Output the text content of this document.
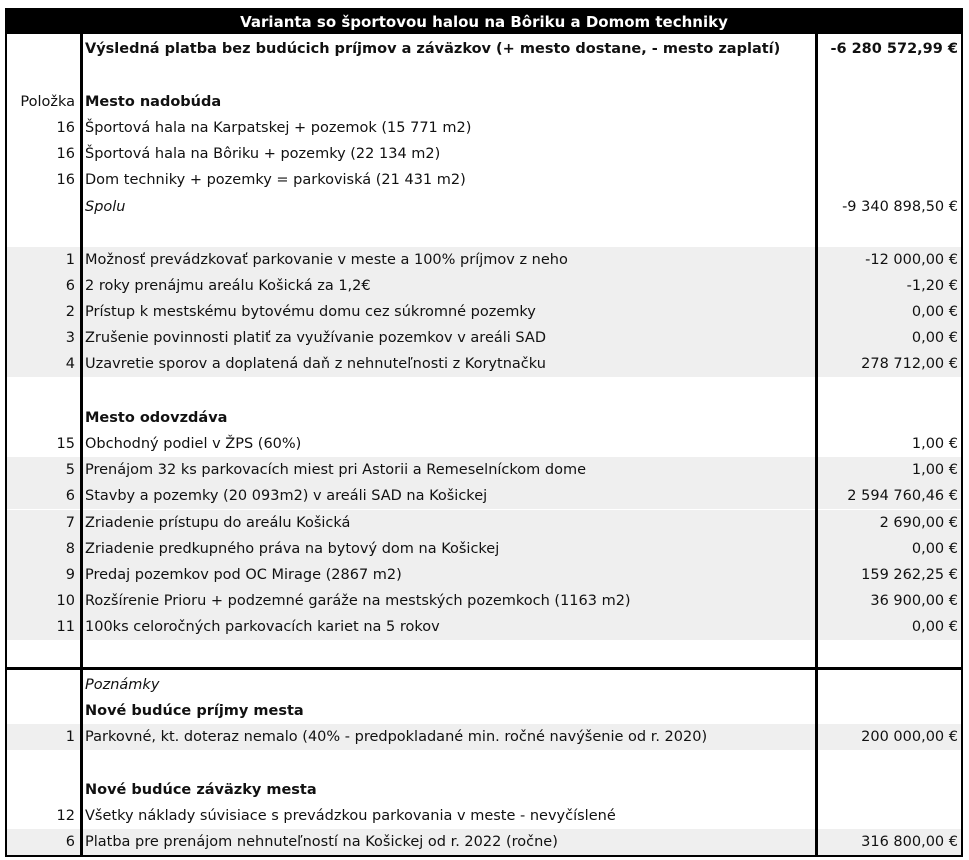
Varianta so športovou halou na Bôriku a Domom techniky
Výsledná platba bez budúcich príjmov a záväzkov (+ mesto dostane, - mesto zaplatí)	-6 280 572,99 €
Položka Mesto nadobúda
16 Športová hala na Karpatskej + pozemok (15 771 m2)
16 Športová hala na Bôriku + pozemky (22 134 m2)
16 Dom techniky + pozemky = parkoviská (21 431 m2)
Spolu	-9 340 898,50 €
1 Možnosť prevádzkovať parkovanie v meste a 100% príjmov z neho	-12 000,00 €
6 2 roky prenájmu areálu Košická za 1,2€	-1,20 €
2 Prístup k mestskému bytovému domu cez súkromné pozemky	0,00 €
3 Zrušenie povinnosti platiť za využívanie pozemkov v areáli SAD	0,00 €
4 Uzavretie sporov a doplatená daň z nehnuteľnosti z Korytnačku	278 712,00 €
Mesto odovzdáva
15 Obchodný podiel v ŽPS (60%)	1,00 €
5 Prenájom 32 ks parkovacích miest pri Astorii a Remeselníckom dome	1,00 €
6 Stavby a pozemky (20 093m2) v areáli SAD na Košickej	2 594 760,46 €
7 Zriadenie prístupu do areálu Košická	2 690,00 €
8 Zriadenie predkupného práva na bytový dom na Košickej	0,00 €
9 Predaj pozemkov pod OC Mirage (2867 m2)	159 262,25 €
10 Rozšírenie Prioru + podzemné garáže na mestských pozemkoch (1163 m2)	36 900,00 €
11 100ks celoročných parkovacích kariet na 5 rokov	0,00 €
Poznámky
Nové budúce príjmy mesta
1 Parkovné, kt. doteraz nemalo (40% - predpokladané min. ročné navýšenie od r. 2020)	200 000,00 €
Nové budúce záväzky mesta
12 Všetky náklady súvisiace s prevádzkou parkovania v meste - nevyčíslené
6 Platba pre prenájom nehnuteľností na Košickej od r. 2022 (ročne)	316 800,00 €
